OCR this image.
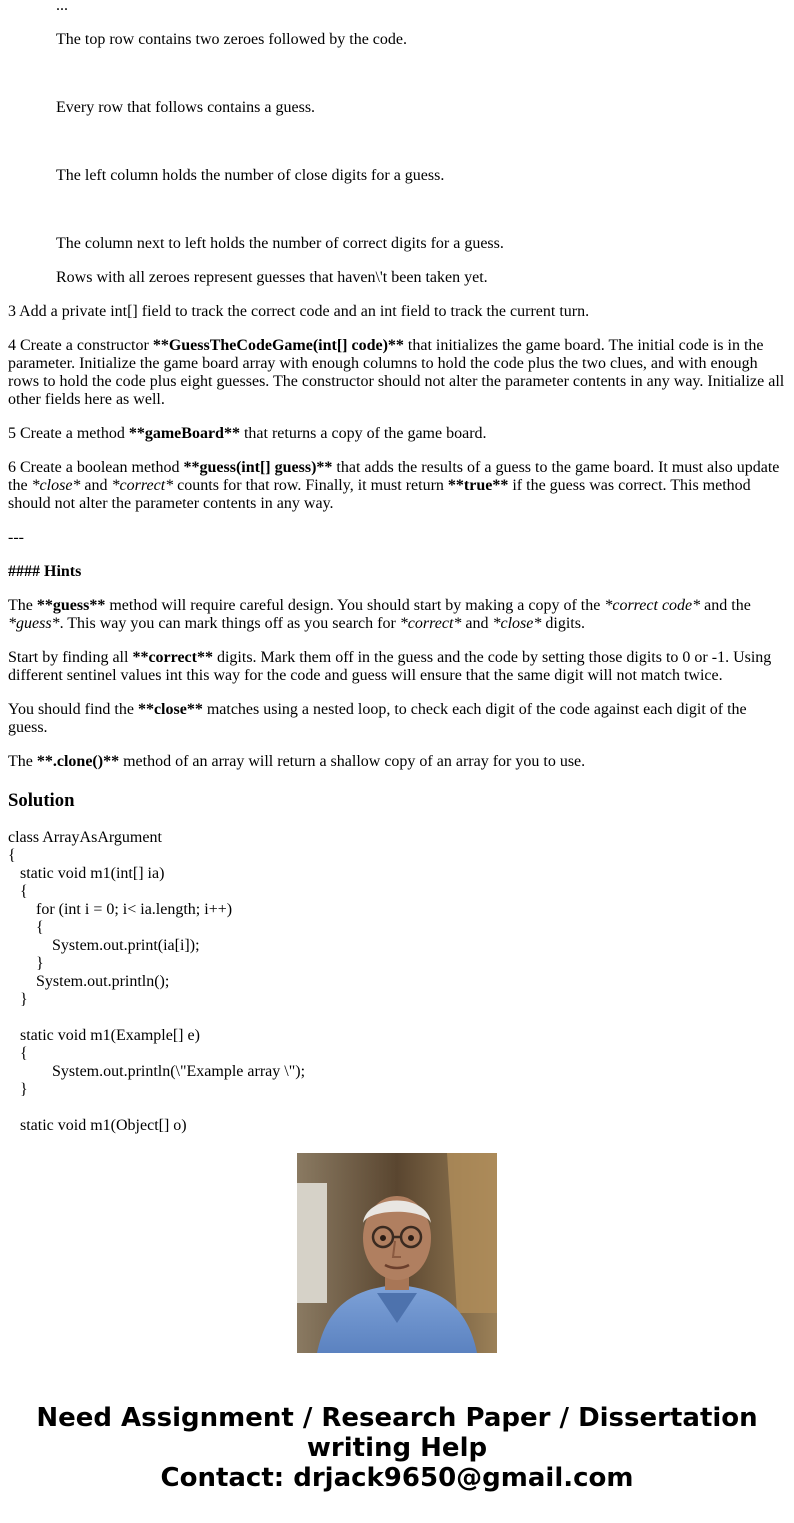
...

The top row contains two zeroes followed by the code.

Every row that follows contains a guess.

The left column holds the number of close digits for a guess.

The column next to left holds the number of correct digits for a guess.

Rows with all zeroes represent guesses that haven\'t been taken yet.

3 Add a private int[] field to track the correct code and an int field to track the current turn.

4 Create a constructor **GuessTheCodeGame(int[] code)** that initializes the game board. The initial code is in the parameter. Initialize the game board array with enough columns to hold the code plus the two clues, and with enough rows to hold the code plus eight guesses. The constructor should not alter the parameter contents in any way. Initialize all other fields here as well.

5 Create a method **gameBoard** that returns a copy of the game board.

6 Create a boolean method **guess(int[] guess)** that adds the results of a guess to the game board. It must also update the *close* and *correct* counts for that row. Finally, it must return **true** if the guess was correct. This method should not alter the parameter contents in any way.

---

#### Hints

The **guess** method will require careful design. You should start by making a copy of the *correct code* and the *guess*. This way you can mark things off as you search for *correct* and *close* digits.

Start by finding all **correct** digits. Mark them off in the guess and the code by setting those digits to 0 or -1. Using different sentinel values int this way for the code and guess will ensure that the same digit will not match twice.

You should find the **close** matches using a nested loop, to check each digit of the code against each digit of the guess.

The **.clone()** method of an array will return a shallow copy of an array for you to use.

Solution
class ArrayAsArgument
{
static void m1(int[] ia)
{
for (int i = 0; i< ia.length; i++)
{
System.out.print(ia[i]);
}
System.out.println();
}
static void m1(Example[] e)
{
System.out.println(\"Example array \");
}
static void m1(Object[] o)

Need Assignment / Research Paper / Dissertation
writing Help
Contact: drjack9650@gmail.com
